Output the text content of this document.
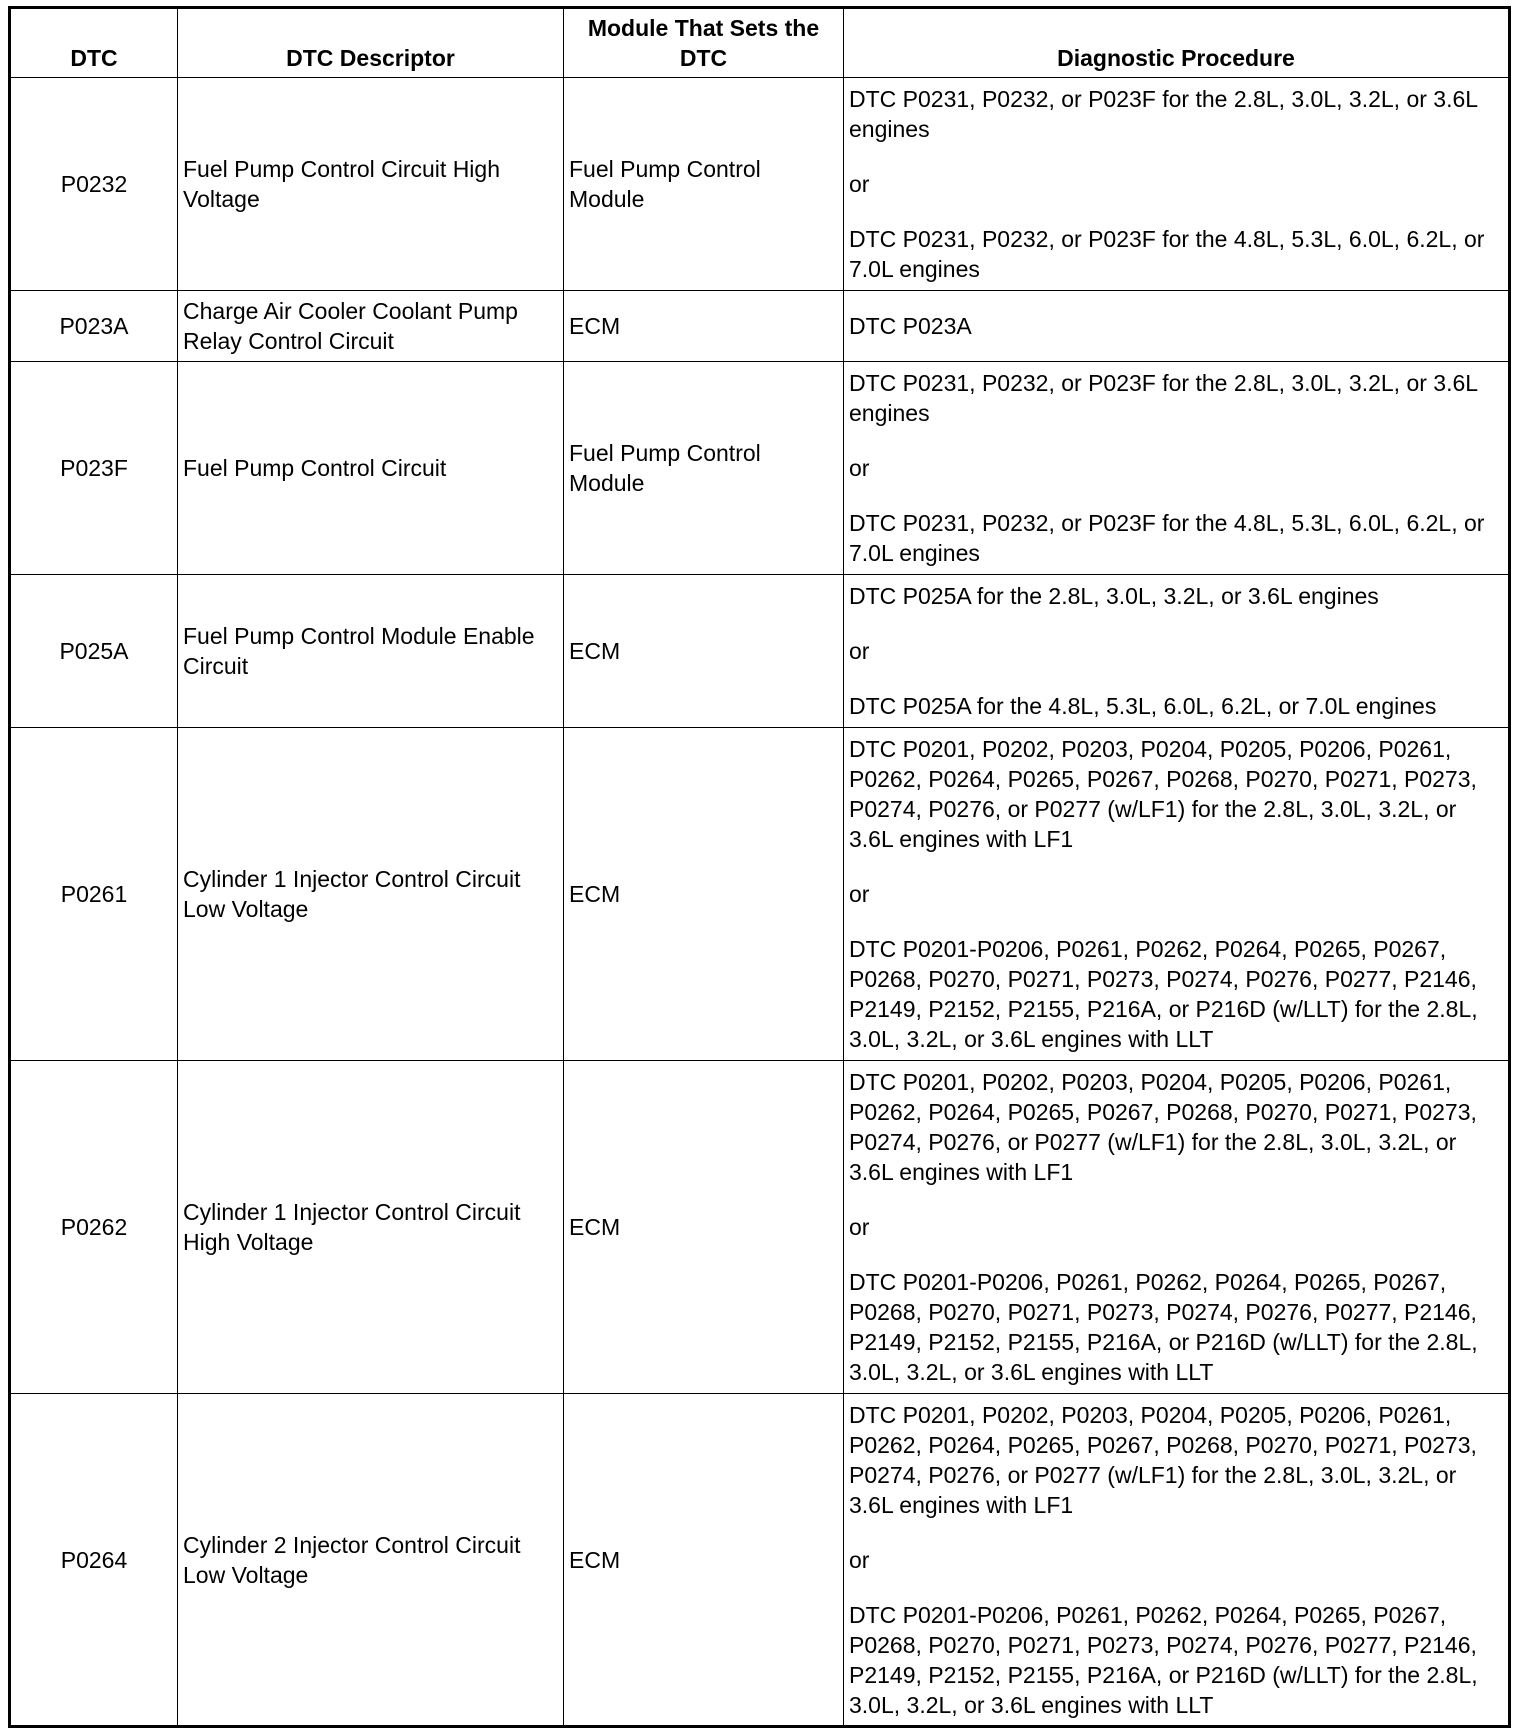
DTC	DTC Descriptor	Module That Sets the DTC	Diagnostic Procedure
P0232	Fuel Pump Control Circuit High Voltage	Fuel Pump Control Module	DTC P0231, P0232, or P023F for the 2.8L, 3.0L, 3.2L, or 3.6L engines

or

DTC P0231, P0232, or P023F for the 4.8L, 5.3L, 6.0L, 6.2L, or 7.0L engines

P023A	Charge Air Cooler Coolant Pump Relay Control Circuit	ECM	DTC P023A

P023F	Fuel Pump Control Circuit	Fuel Pump Control Module	DTC P0231, P0232, or P023F for the 2.8L, 3.0L, 3.2L, or 3.6L engines

or

DTC P0231, P0232, or P023F for the 4.8L, 5.3L, 6.0L, 6.2L, or 7.0L engines

P025A	Fuel Pump Control Module Enable Circuit	ECM	DTC P025A for the 2.8L, 3.0L, 3.2L, or 3.6L engines

or

DTC P025A for the 4.8L, 5.3L, 6.0L, 6.2L, or 7.0L engines

P0261	Cylinder 1 Injector Control Circuit Low Voltage	ECM	DTC P0201, P0202, P0203, P0204, P0205, P0206, P0261, P0262, P0264, P0265, P0267, P0268, P0270, P0271, P0273, P0274, P0276, or P0277 (w/LF1) for the 2.8L, 3.0L, 3.2L, or 3.6L engines with LF1

or

DTC P0201-P0206, P0261, P0262, P0264, P0265, P0267, P0268, P0270, P0271, P0273, P0274, P0276, P0277, P2146, P2149, P2152, P2155, P216A, or P216D (w/LLT) for the 2.8L, 3.0L, 3.2L, or 3.6L engines with LLT

P0262	Cylinder 1 Injector Control Circuit High Voltage	ECM	DTC P0201, P0202, P0203, P0204, P0205, P0206, P0261, P0262, P0264, P0265, P0267, P0268, P0270, P0271, P0273, P0274, P0276, or P0277 (w/LF1) for the 2.8L, 3.0L, 3.2L, or 3.6L engines with LF1

or

DTC P0201-P0206, P0261, P0262, P0264, P0265, P0267, P0268, P0270, P0271, P0273, P0274, P0276, P0277, P2146, P2149, P2152, P2155, P216A, or P216D (w/LLT) for the 2.8L, 3.0L, 3.2L, or 3.6L engines with LLT

P0264	Cylinder 2 Injector Control Circuit Low Voltage	ECM	DTC P0201, P0202, P0203, P0204, P0205, P0206, P0261, P0262, P0264, P0265, P0267, P0268, P0270, P0271, P0273, P0274, P0276, or P0277 (w/LF1) for the 2.8L, 3.0L, 3.2L, or 3.6L engines with LF1

or

DTC P0201-P0206, P0261, P0262, P0264, P0265, P0267, P0268, P0270, P0271, P0273, P0274, P0276, P0277, P2146, P2149, P2152, P2155, P216A, or P216D (w/LLT) for the 2.8L, 3.0L, 3.2L, or 3.6L engines with LLT
